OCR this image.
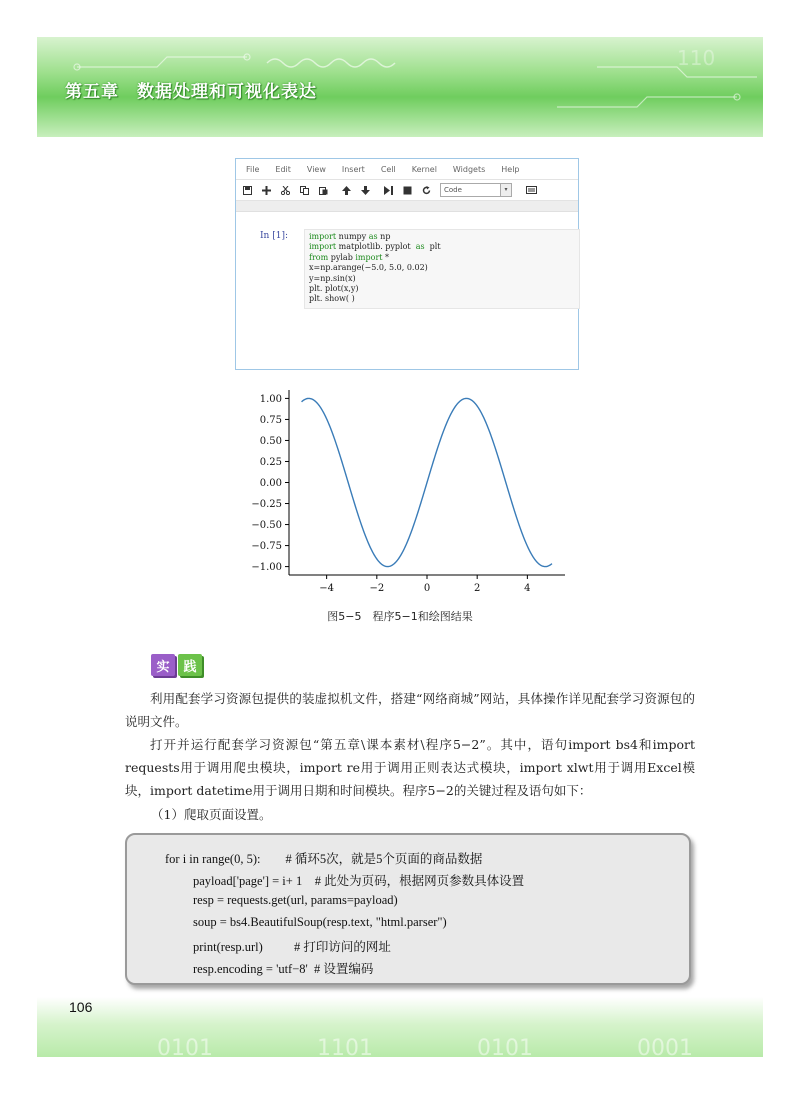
110
第五章　数据处理和可视化表达
0101	1101	0101	0001
106
File Edit View Insert Cell Kernel Widgets Help
Code	▾
In [1]:	import numpy as np
import matplotlib. pyplot  as  plt
from pylab import *
x=np.arange(−5.0, 5.0, 0.02)
y=np.sin(x)
plt. plot(x,y)
plt. show( )
1.00
0.75
0.50
0.25
0.00
−0.25
−0.50
−0.75
−1.00
−4	−2	0	2	4
图5−5　程序5−1和绘图结果
实	践
利用配套学习资源包提供的装虚拟机文件，搭建“网络商城”网站，具体操作详见配套学习资源包的说明文件。
打开并运行配套学习资源包“第五章\课本素材\程序5−2”。其中，语句import bs4和import requests用于调用爬虫模块，import re用于调用正则表达式模块，import xlwt用于调用Excel模块，import datetime用于调用日期和时间模块。程序5−2的关键过程及语句如下：
（1）爬取页面设置。
for i in range(0, 5):        # 循环5次，就是5个页面的商品数据
payload['page'] = i+ 1    # 此处为页码，根据网页参数具体设置
resp = requests.get(url, params=payload)
soup = bs4.BeautifulSoup(resp.text, "html.parser")
print(resp.url)          # 打印访问的网址
resp.encoding = 'utf−8'  # 设置编码
